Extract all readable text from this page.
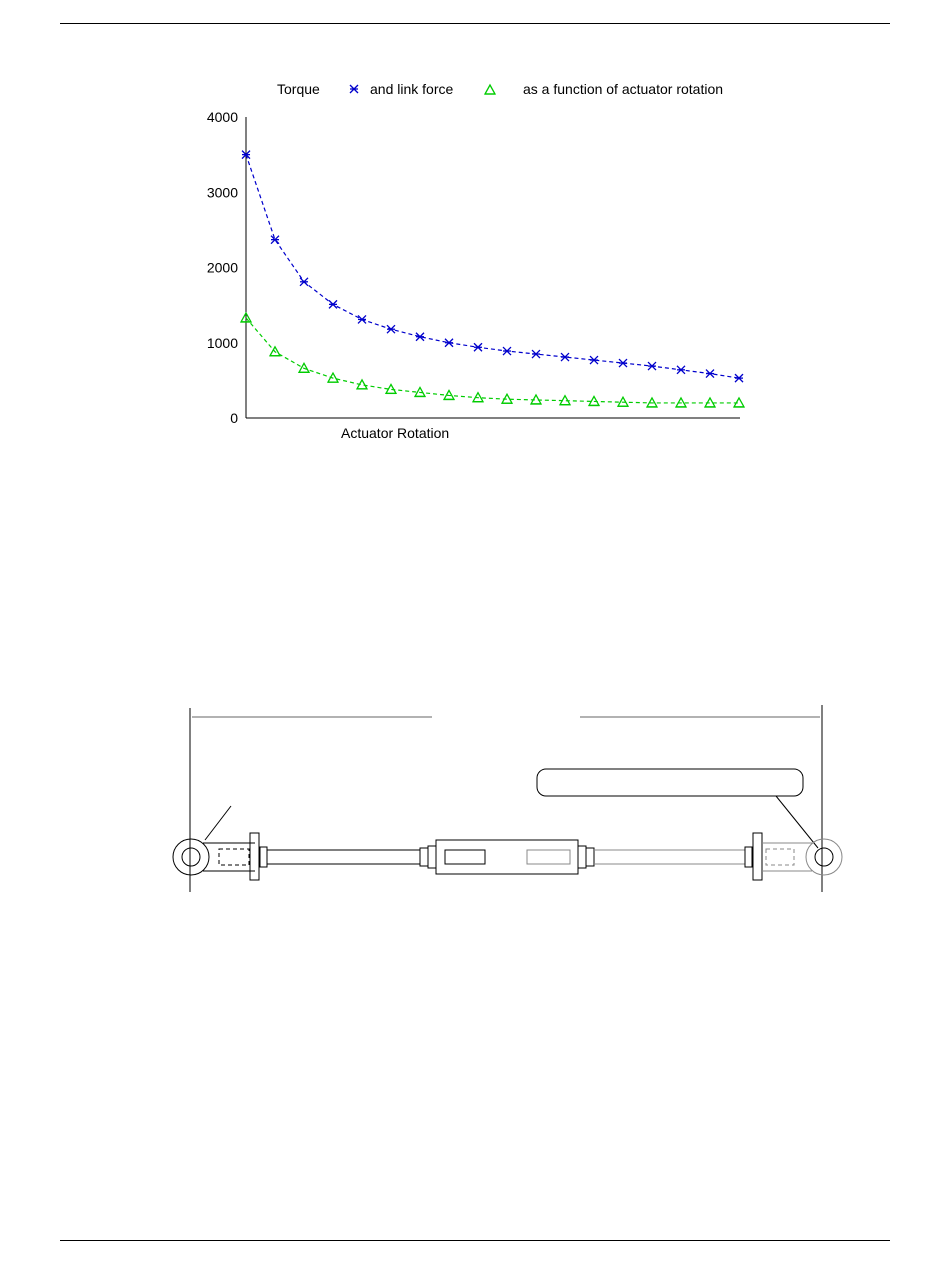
Torque	and link force	as a function of actuator rotation
0
1000
2000
3000
4000
Actuator Rotation
